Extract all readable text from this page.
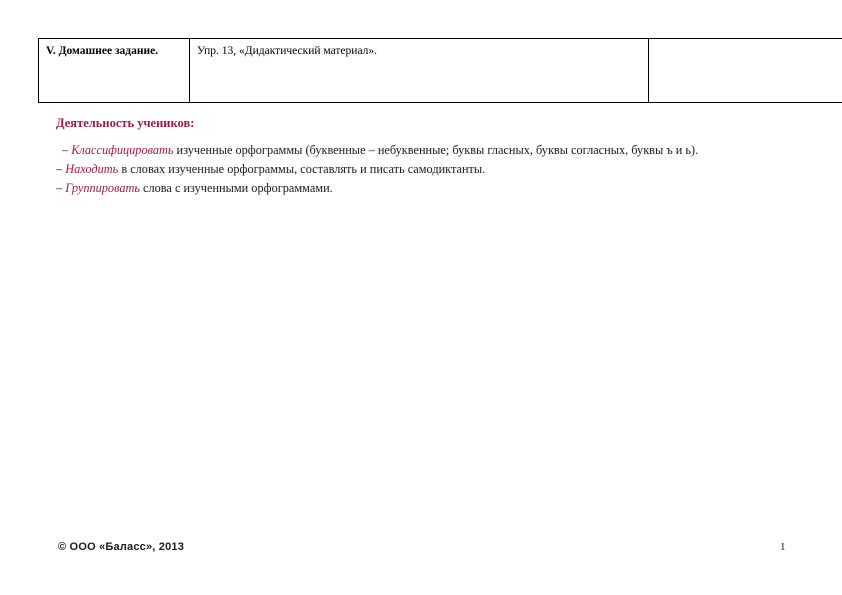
V. Домашнее задание.	Упр. 13, «Дидактический материал».	
Деятельность учеников:
– Классифицировать изученные орфограммы (буквенные – небуквенные; буквы гласных, буквы согласных, буквы ъ и ь).
– Находить в словах изученные орфограммы, составлять и писать самодиктанты.
– Группировать слова с изученными орфограммами.
© ООО «Баласс», 2013	1
